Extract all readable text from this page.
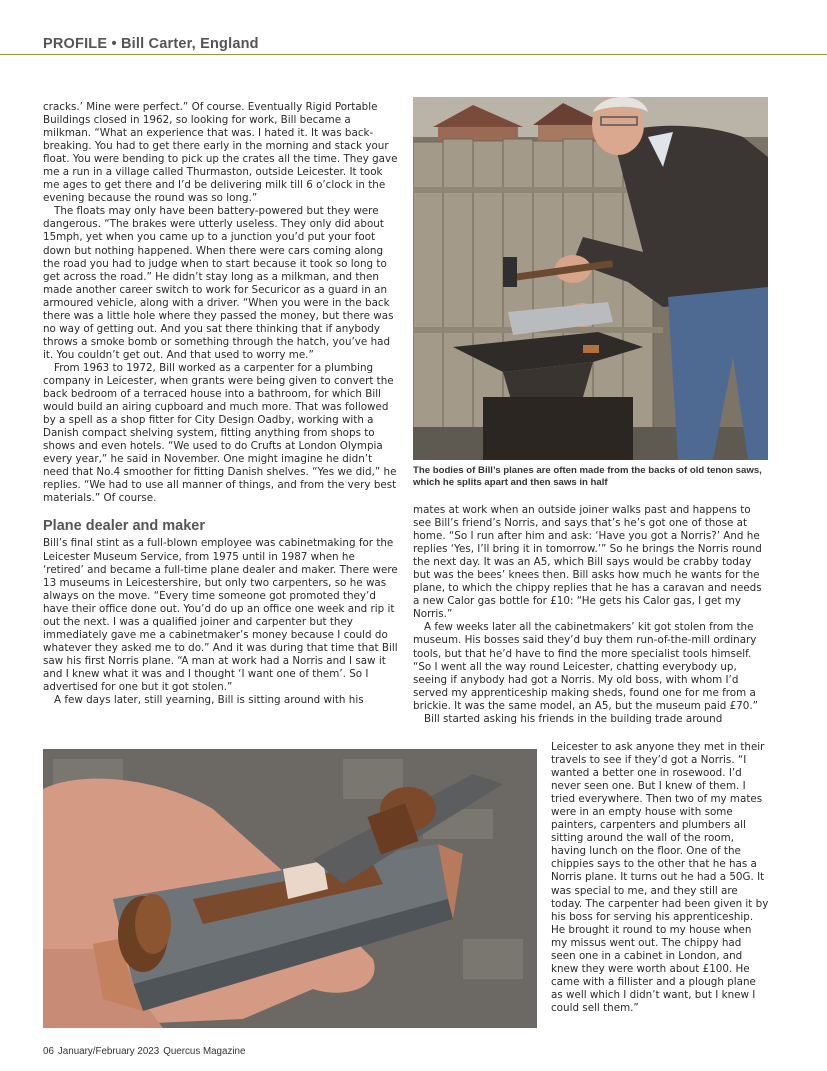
PROFILE • Bill Carter, England

cracks.’ Mine were perfect.” Of course. Eventually Rigid Portable Buildings closed in 1962, so looking for work, Bill became a milkman. “What an experience that was. I hated it. It was back-breaking. You had to get there early in the morning and stack your float. You were bending to pick up the crates all the time. They gave me a run in a village called Thurmaston, outside Leicester. It took me ages to get there and I’d be delivering milk till 6 o’clock in the evening because the round was so long.”

The floats may only have been battery-powered but they were dangerous. “The brakes were utterly useless. They only did about 15mph, yet when you came up to a junction you’d put your foot down but nothing happened. When there were cars coming along the road you had to judge when to start because it took so long to get across the road.” He didn’t stay long as a milkman, and then made another career switch to work for Securicor as a guard in an armoured vehicle, along with a driver. “When you were in the back there was a little hole where they passed the money, but there was no way of getting out. And you sat there thinking that if anybody throws a smoke bomb or something through the hatch, you’ve had it. You couldn’t get out. And that used to worry me.”

From 1963 to 1972, Bill worked as a carpenter for a plumbing company in Leicester, when grants were being given to convert the back bedroom of a terraced house into a bathroom, for which Bill would build an airing cupboard and much more. That was followed by a spell as a shop fitter for City Design Oadby, working with a Danish compact shelving system, fitting anything from shops to shows and even hotels. “We used to do Crufts at London Olympia every year,” he said in November. One might imagine he didn’t need that No.4 smoother for fitting Danish shelves. “Yes we did,” he replies. “We had to use all manner of things, and from the very best materials.” Of course.

Plane dealer and maker

Bill’s final stint as a full-blown employee was cabinetmaking for the Leicester Museum Service, from 1975 until in 1987 when he ‘retired’ and became a full-time plane dealer and maker. There were 13 museums in Leicestershire, but only two carpenters, so he was always on the move. “Every time someone got promoted they’d have their office done out. You’d do up an office one week and rip it out the next. I was a qualified joiner and carpenter but they immediately gave me a cabinetmaker’s money because I could do whatever they asked me to do.” And it was during that time that Bill saw his first Norris plane. “A man at work had a Norris and I saw it and I knew what it was and I thought ‘I want one of them’. So I advertised for one but it got stolen.”

A few days later, still yearning, Bill is sitting around with his

The bodies of Bill’s planes are often made from the backs of old tenon saws, which he splits apart and then saws in half

mates at work when an outside joiner walks past and happens to see Bill’s friend’s Norris, and says that’s he’s got one of those at home. “So I run after him and ask: ‘Have you got a Norris?’ And he replies ‘Yes, I’ll bring it in tomorrow.’” So he brings the Norris round the next day. It was an A5, which Bill says would be crabby today but was the bees’ knees then. Bill asks how much he wants for the plane, to which the chippy replies that he has a caravan and needs a new Calor gas bottle for £10: “He gets his Calor gas, I get my Norris.”

A few weeks later all the cabinetmakers’ kit got stolen from the museum. His bosses said they’d buy them run-of-the-mill ordinary tools, but that he’d have to find the more specialist tools himself. “So I went all the way round Leicester, chatting everybody up, seeing if anybody had got a Norris. My old boss, with whom I’d served my apprenticeship making sheds, found one for me from a brickie. It was the same model, an A5, but the museum paid £70.”

Bill started asking his friends in the building trade around

Leicester to ask anyone they met in their travels to see if they’d got a Norris. “I wanted a better one in rosewood. I’d never seen one. But I knew of them. I tried everywhere. Then two of my mates were in an empty house with some painters, carpenters and plumbers all sitting around the wall of the room, having lunch on the floor. One of the chippies says to the other that he has a Norris plane. It turns out he had a 50G. It was special to me, and they still are today. The carpenter had been given it by his boss for serving his apprenticeship. He brought it round to my house when my missus went out. The chippy had seen one in a cabinet in London, and knew they were worth about £100. He came with a fillister and a plough plane as well which I didn’t want, but I knew I could sell them.”

06 January/February 2023 Quercus Magazine
